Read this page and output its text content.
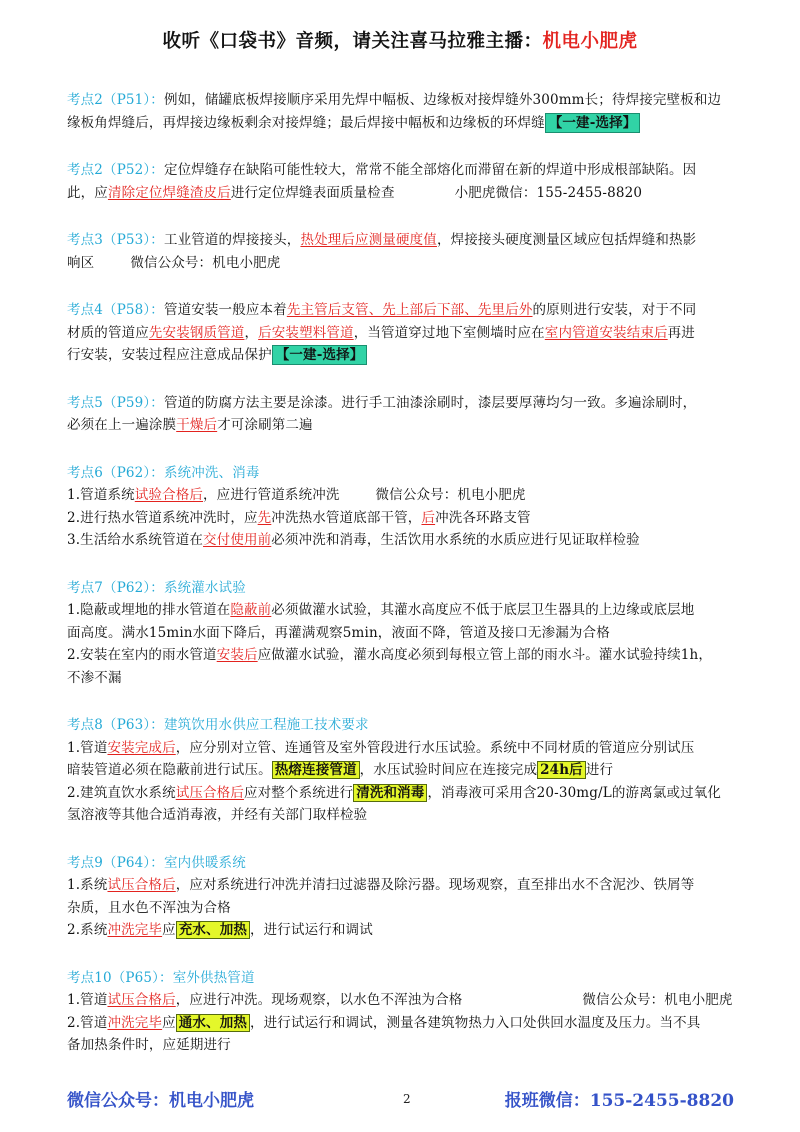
收听《口袋书》音频，请关注喜马拉雅主播：机电小肥虎

考点2（P51）：例如，储罐底板焊接顺序采用先焊中幅板、边缘板对接焊缝外300mm长；待焊接完壁板和边

缘板角焊缝后，再焊接边缘板剩余对接焊缝；最后焊接中幅板和边缘板的环焊缝 【一建-选择】

考点2（P52）：定位焊缝存在缺陷可能性较大，常常不能全部熔化而滞留在新的焊道中形成根部缺陷。因

此，应清除定位焊缝渣皮后进行定位焊缝表面质量检查	小肥虎微信：155-2455-8820

考点3（P53）：工业管道的焊接接头，热处理后应测量硬度值，焊接接头硬度测量区域应包括焊缝和热影

响区	微信公众号：机电小肥虎

考点4（P58）：管道安装一般应本着先主管后支管、先上部后下部、先里后外的原则进行安装，对于不同

材质的管道应先安装钢质管道，后安装塑料管道，当管道穿过地下室侧墙时应在室内管道安装结束后再进

行安装，安装过程应注意成品保护 【一建-选择】

考点5（P59）：管道的防腐方法主要是涂漆。进行手工油漆涂刷时，漆层要厚薄均匀一致。多遍涂刷时，

必须在上一遍涂膜干燥后才可涂刷第二遍

考点6（P62）：系统冲洗、消毒

1.管道系统试验合格后，应进行管道系统冲洗	微信公众号：机电小肥虎

2.进行热水管道系统冲洗时，应先冲洗热水管道底部干管，后冲洗各环路支管

3.生活给水系统管道在交付使用前必须冲洗和消毒，生活饮用水系统的水质应进行见证取样检验

考点7（P62）：系统灌水试验

1.隐蔽或埋地的排水管道在隐蔽前必须做灌水试验，其灌水高度应不低于底层卫生器具的上边缘或底层地

面高度。满水15min水面下降后，再灌满观察5min，液面不降，管道及接口无渗漏为合格

2.安装在室内的雨水管道安装后应做灌水试验，灌水高度必须到每根立管上部的雨水斗。灌水试验持续1h，

不渗不漏

考点8（P63）：建筑饮用水供应工程施工技术要求

1.管道安装完成后，应分别对立管、连通管及室外管段进行水压试验。系统中不同材质的管道应分别试压

暗装管道必须在隐蔽前进行试压。 热熔连接管道 ，水压试验时间应在连接完成 24h后 进行

2.建筑直饮水系统试压合格后应对整个系统进行 清洗和消毒 ，消毒液可采用含20-30mg/L的游离氯或过氧化

氢溶液等其他合适消毒液，并经有关部门取样检验

考点9（P64）：室内供暖系统

1.系统试压合格后，应对系统进行冲洗并清扫过滤器及除污器。现场观察，直至排出水不含泥沙、铁屑等

杂质，且水色不浑浊为合格

2.系统冲洗完毕应 充水、加热 ，进行试运行和调试

考点10（P65）：室外供热管道

1.管道试压合格后，应进行冲洗。现场观察，以水色不浑浊为合格	微信公众号：机电小肥虎

2.管道冲洗完毕应 通水、加热 ，进行试运行和调试，测量各建筑物热力入口处供回水温度及压力。当不具

备加热条件时，应延期进行

微信公众号：机电小肥虎	2	报班微信：155-2455-8820
